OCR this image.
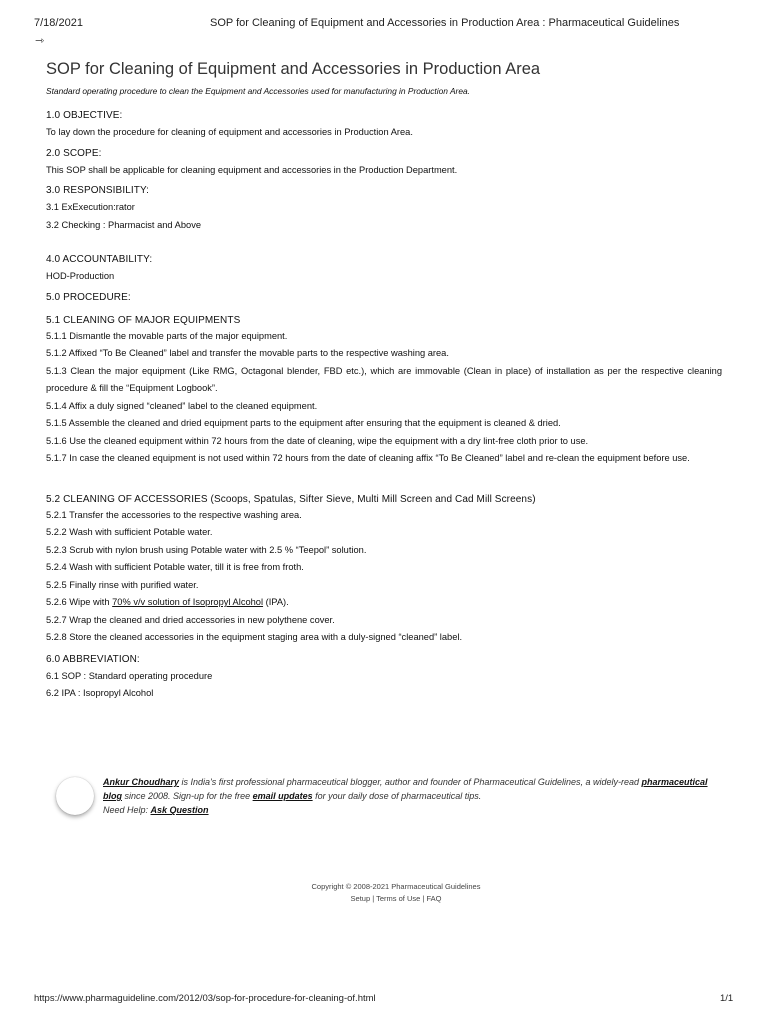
7/18/2021	SOP for Cleaning of Equipment and Accessories in Production Area : Pharmaceutical Guidelines
⇾
SOP for Cleaning of Equipment and Accessories in Production Area

Standard operating procedure to clean the Equipment and Accessories used for manufacturing in Production Area.

1.0 OBJECTIVE:

To lay down the procedure for cleaning of equipment and accessories in Production Area.

2.0 SCOPE:

This SOP shall be applicable for cleaning equipment and accessories in the Production Department.

3.0 RESPONSIBILITY:

3.1 ExExecution:rator

3.2 Checking : Pharmacist and Above

4.0 ACCOUNTABILITY:

HOD-Production

5.0 PROCEDURE:

5.1 CLEANING OF MAJOR EQUIPMENTS

5.1.1 Dismantle the movable parts of the major equipment.

5.1.2 Affixed “To Be Cleaned” label and transfer the movable parts to the respective washing area.

5.1.3 Clean the major equipment (Like RMG, Octagonal blender, FBD etc.), which are immovable (Clean in place) of installation as per the respective cleaning procedure & fill the “Equipment Logbook”.

5.1.4 Affix a duly signed “cleaned” label to the cleaned equipment.

5.1.5 Assemble the cleaned and dried equipment parts to the equipment after ensuring that the equipment is cleaned & dried.

5.1.6 Use the cleaned equipment within 72 hours from the date of cleaning, wipe the equipment with a dry lint-free cloth prior to use.

5.1.7 In case the cleaned equipment is not used within 72 hours from the date of cleaning affix “To Be Cleaned” label and re-clean the equipment before use.

5.2 CLEANING OF ACCESSORIES (Scoops, Spatulas, Sifter Sieve, Multi Mill Screen and Cad Mill Screens)

5.2.1 Transfer the accessories to the respective washing area.

5.2.2 Wash with sufficient Potable water.

5.2.3 Scrub with nylon brush using Potable water with 2.5 % “Teepol” solution.

5.2.4 Wash with sufficient Potable water, till it is free from froth.

5.2.5 Finally rinse with purified water.

5.2.6 Wipe with 70% v/v solution of Isopropyl Alcohol (IPA).

5.2.7 Wrap the cleaned and dried accessories in new polythene cover.

5.2.8 Store the cleaned accessories in the equipment staging area with a duly-signed “cleaned” label.

6.0 ABBREVIATION:

6.1 SOP : Standard operating procedure

6.2 IPA : Isopropyl Alcohol

Ankur Choudhary is India's first professional pharmaceutical blogger, author and founder of Pharmaceutical Guidelines, a widely-read pharmaceutical blog since 2008. Sign-up for the free email updates for your daily dose of pharmaceutical tips.
Need Help: Ask Question
Copyright © 2008-2021 Pharmaceutical Guidelines
Setup | Terms of Use | FAQ
https://www.pharmaguideline.com/2012/03/sop-for-procedure-for-cleaning-of.html	1/1
